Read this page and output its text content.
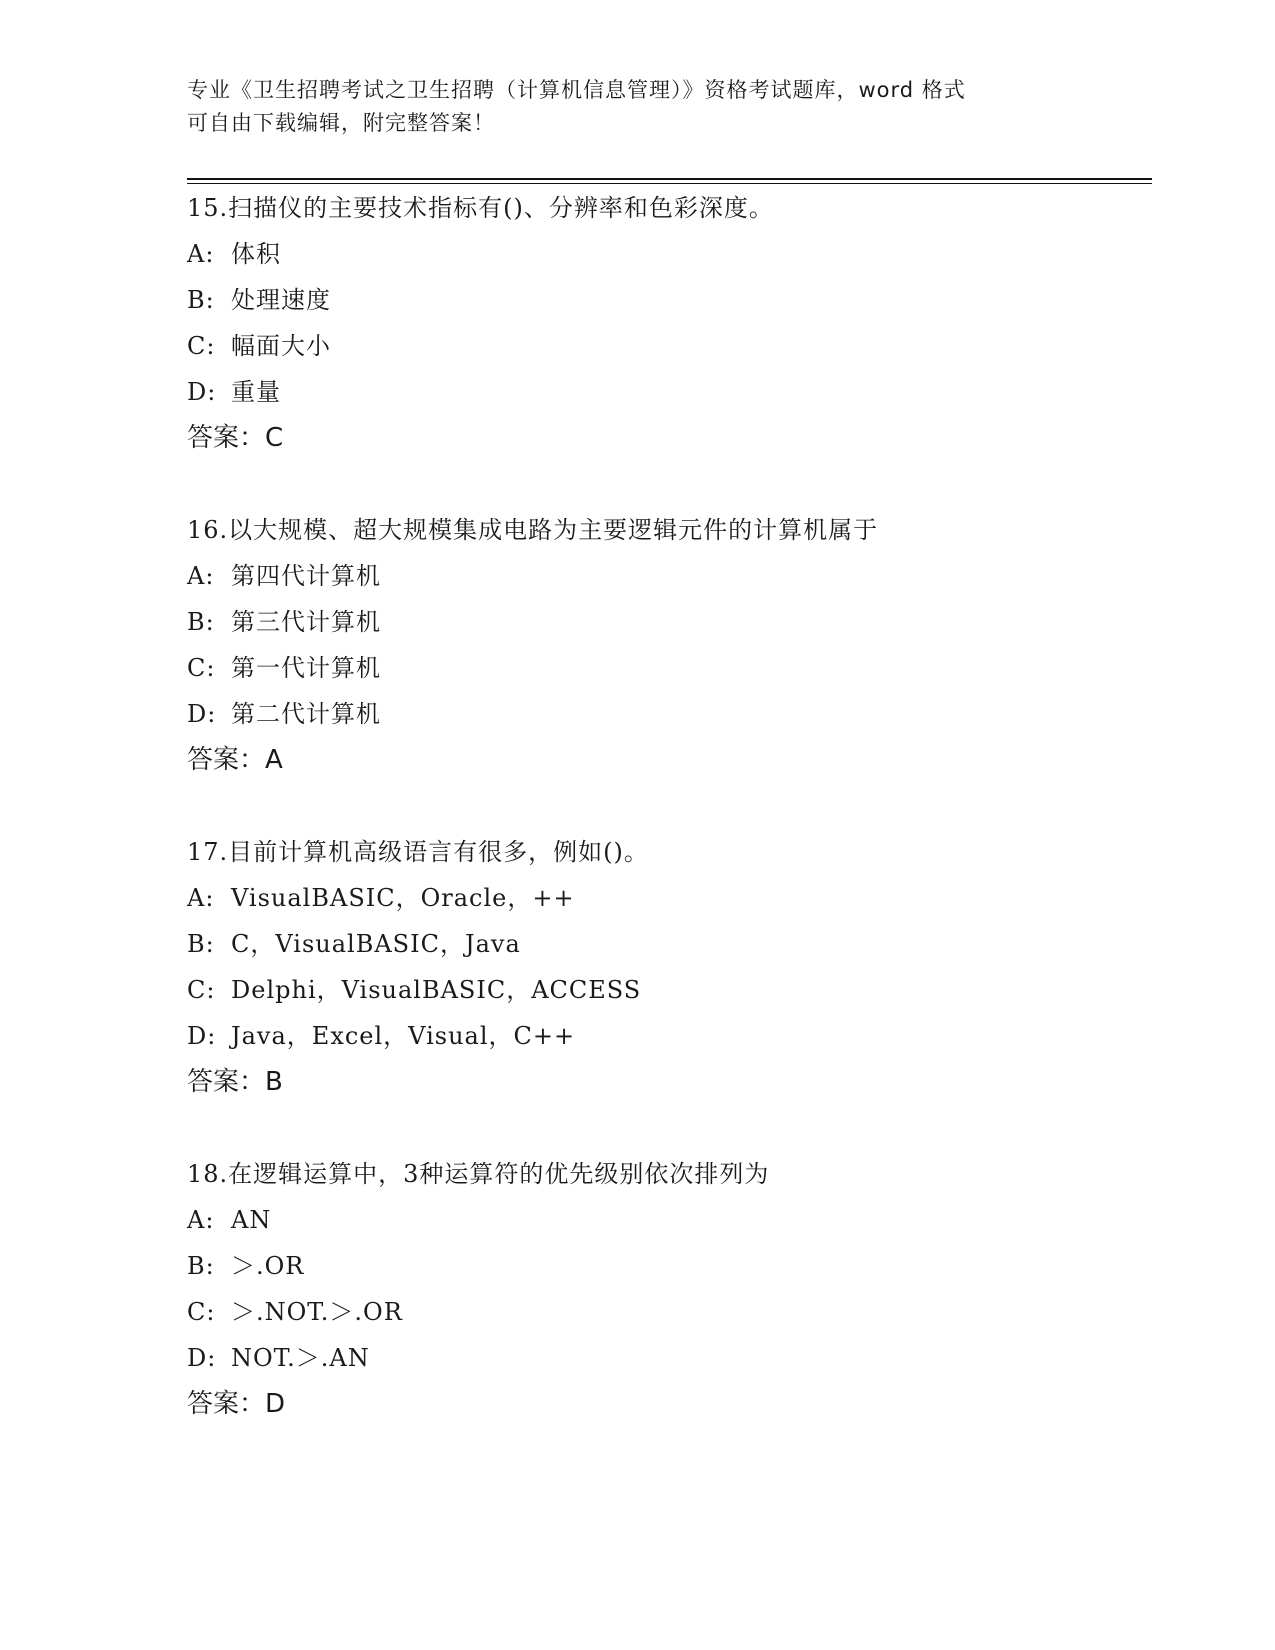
专业《卫生招聘考试之卫生招聘（计算机信息管理）》资格考试题库，word 格式
可自由下载编辑，附完整答案！
15.扫描仪的主要技术指标有()、分辨率和色彩深度。
A: 体积
B: 处理速度
C: 幅面大小
D: 重量
答案：C
16.以大规模、超大规模集成电路为主要逻辑元件的计算机属于
A: 第四代计算机
B: 第三代计算机
C: 第一代计算机
D: 第二代计算机
答案：A
17.目前计算机高级语言有很多，例如()。
A: VisualBASIC，Oracle，++
B: C，VisualBASIC，Java
C: Delphi，VisualBASIC，ACCESS
D: Java，Excel，Visual，C++
答案：B
18.在逻辑运算中，3种运算符的优先级别依次排列为
A: AN
B: ＞.OR
C: ＞.NOT.＞.OR
D: NOT.＞.AN
答案：D
